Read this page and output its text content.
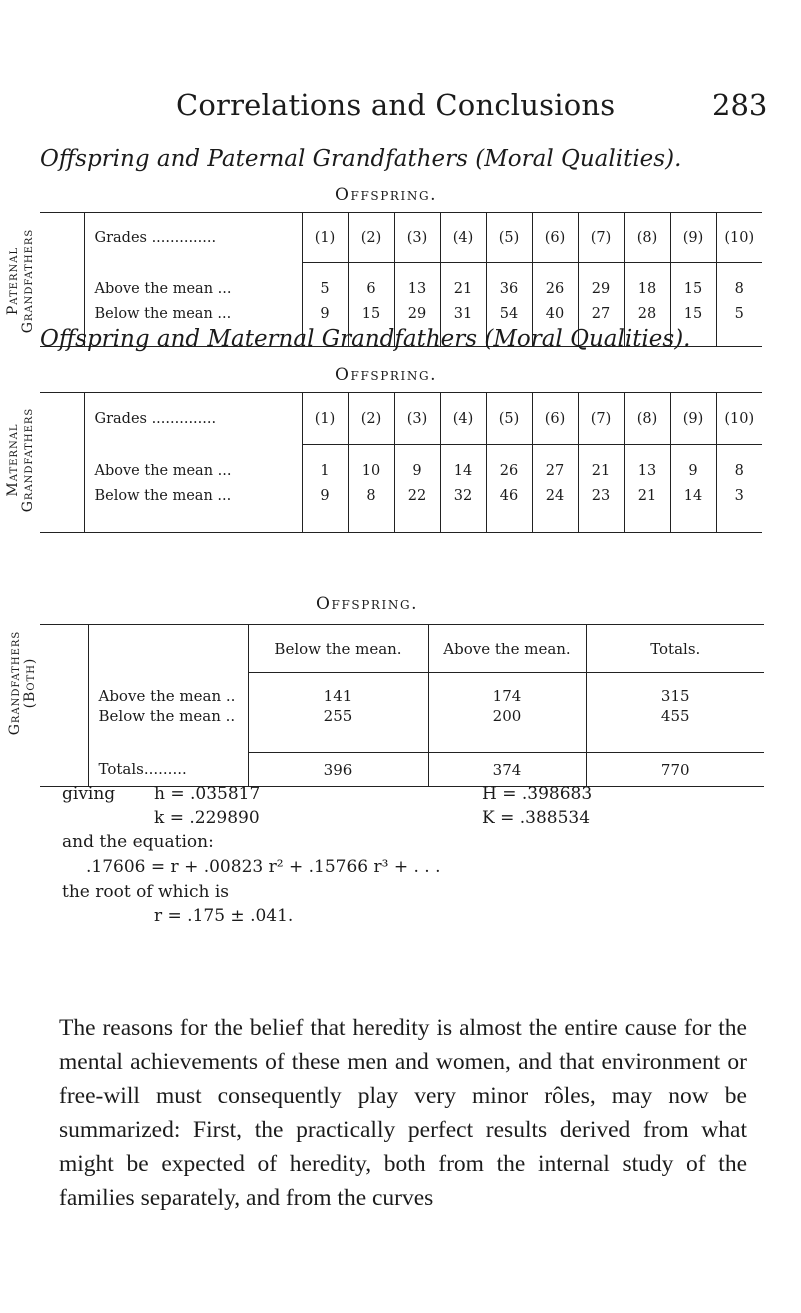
Correlations and Conclusions	283
Offspring and Paternal Grandfathers (Moral Qualities).
Offspring.
Paternal Grandfathers
		Grades ..............	(1)	(2)	(3)	(4)	(5)	(6)	(7)	(8)	(9)	(10)

	Above the mean ...	5	6	13	21	36	26	29	18	15	8
	Below the mean ...	9	15	29	31	54	40	27	28	15	5

Offspring and Maternal Grandfathers (Moral Qualities).
Offspring.
Maternal Grandfathers
		Grades ..............	(1)	(2)	(3)	(4)	(5)	(6)	(7)	(8)	(9)	(10)

	Above the mean ...	1	10	9	14	26	27	21	13	9	8
	Below the mean ...	9	8	22	32	46	24	23	21	14	3

Offspring.
Grandfathers (Both)
		Below the mean.	Above the mean.	Totals.
	Above the mean ..	141	174	315
	Below the mean ..	255	200	455

	Totals.........	396	374	770
giving h = .035817	H = .398683
k = .229890	K = .388534
and the equation:
.17606 = r + .00823 r² + .15766 r³ + . . .
the root of which is
r = .175 ± .041.

The reasons for the belief that heredity is almost the entire cause for the mental achievements of these men and women, and that environment or free-will must consequently play very minor rôles, may now be summarized: First, the practically perfect results derived from what might be expected of heredity, both from the internal study of the families separately, and from the curves
